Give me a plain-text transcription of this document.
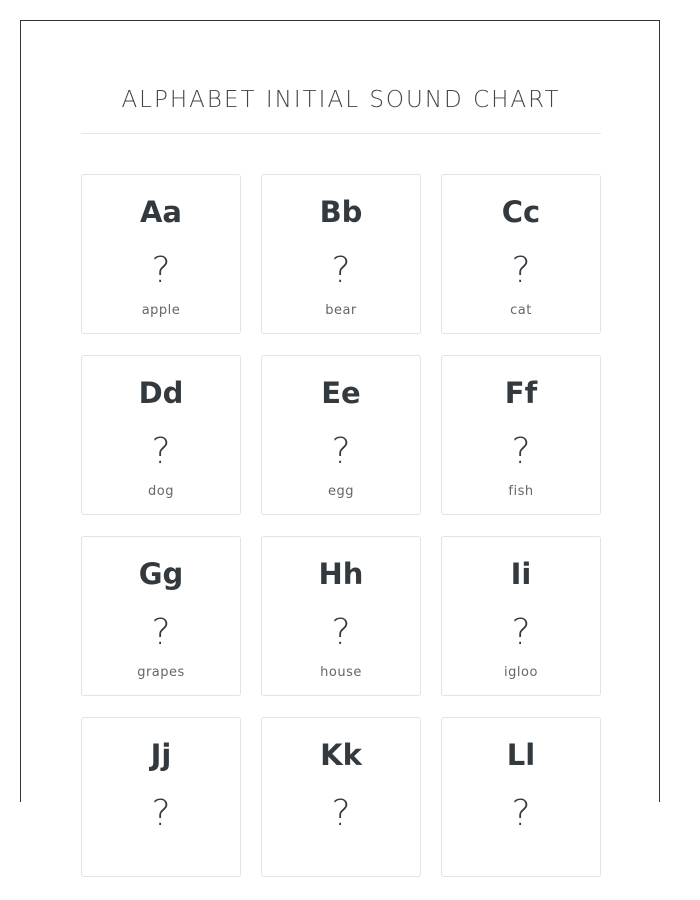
ALPHABET INITIAL SOUND CHART
Aa
?
apple
Bb
?
bear
Cc
?
cat
Dd
?
dog
Ee
?
egg
Ff
?
fish
Gg
?
grapes
Hh
?
house
Ii
?
igloo
Jj
?
Kk
?
Ll
?
